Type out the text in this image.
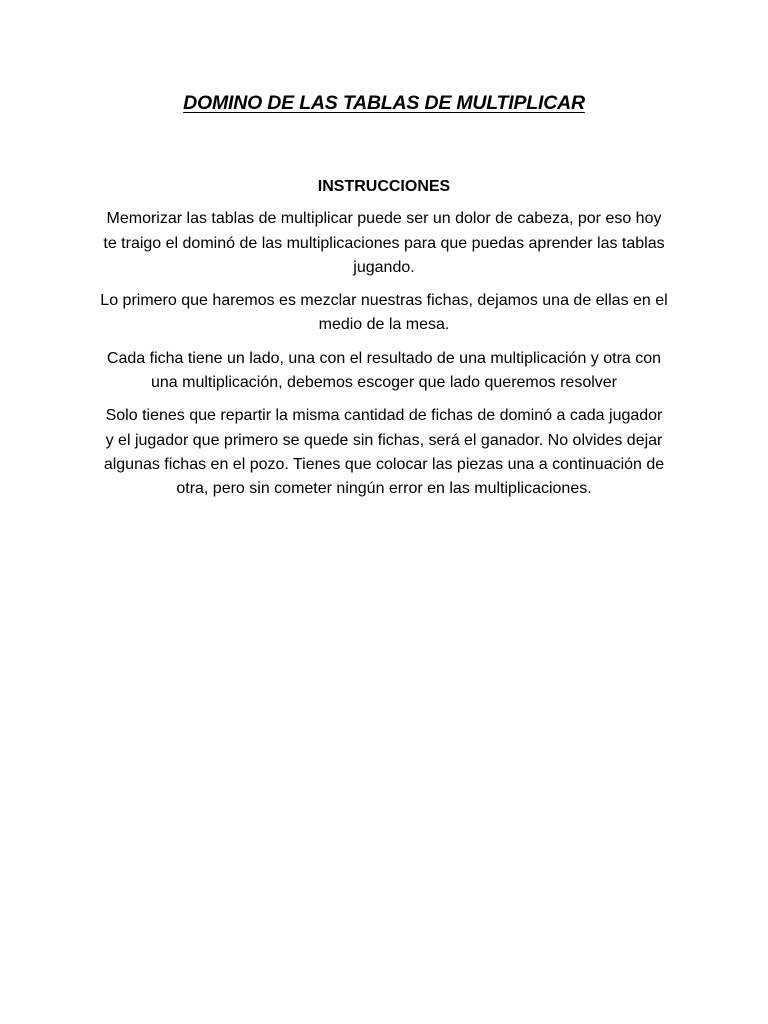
DOMINO DE LAS TABLAS DE MULTIPLICAR

INSTRUCCIONES

Memorizar las tablas de multiplicar puede ser un dolor de cabeza, por eso hoy te traigo el dominó de las multiplicaciones para que puedas aprender las tablas jugando.

Lo primero que haremos es mezclar nuestras fichas, dejamos una de ellas en el medio de la mesa.

Cada ficha tiene un lado, una con el resultado de una multiplicación y otra con una multiplicación, debemos escoger que lado queremos resolver

Solo tienes que repartir la misma cantidad de fichas de dominó a cada jugador y el jugador que primero se quede sin fichas, será el ganador. No olvides dejar algunas fichas en el pozo. Tienes que colocar las piezas una a continuación de otra, pero sin cometer ningún error en las multiplicaciones.
